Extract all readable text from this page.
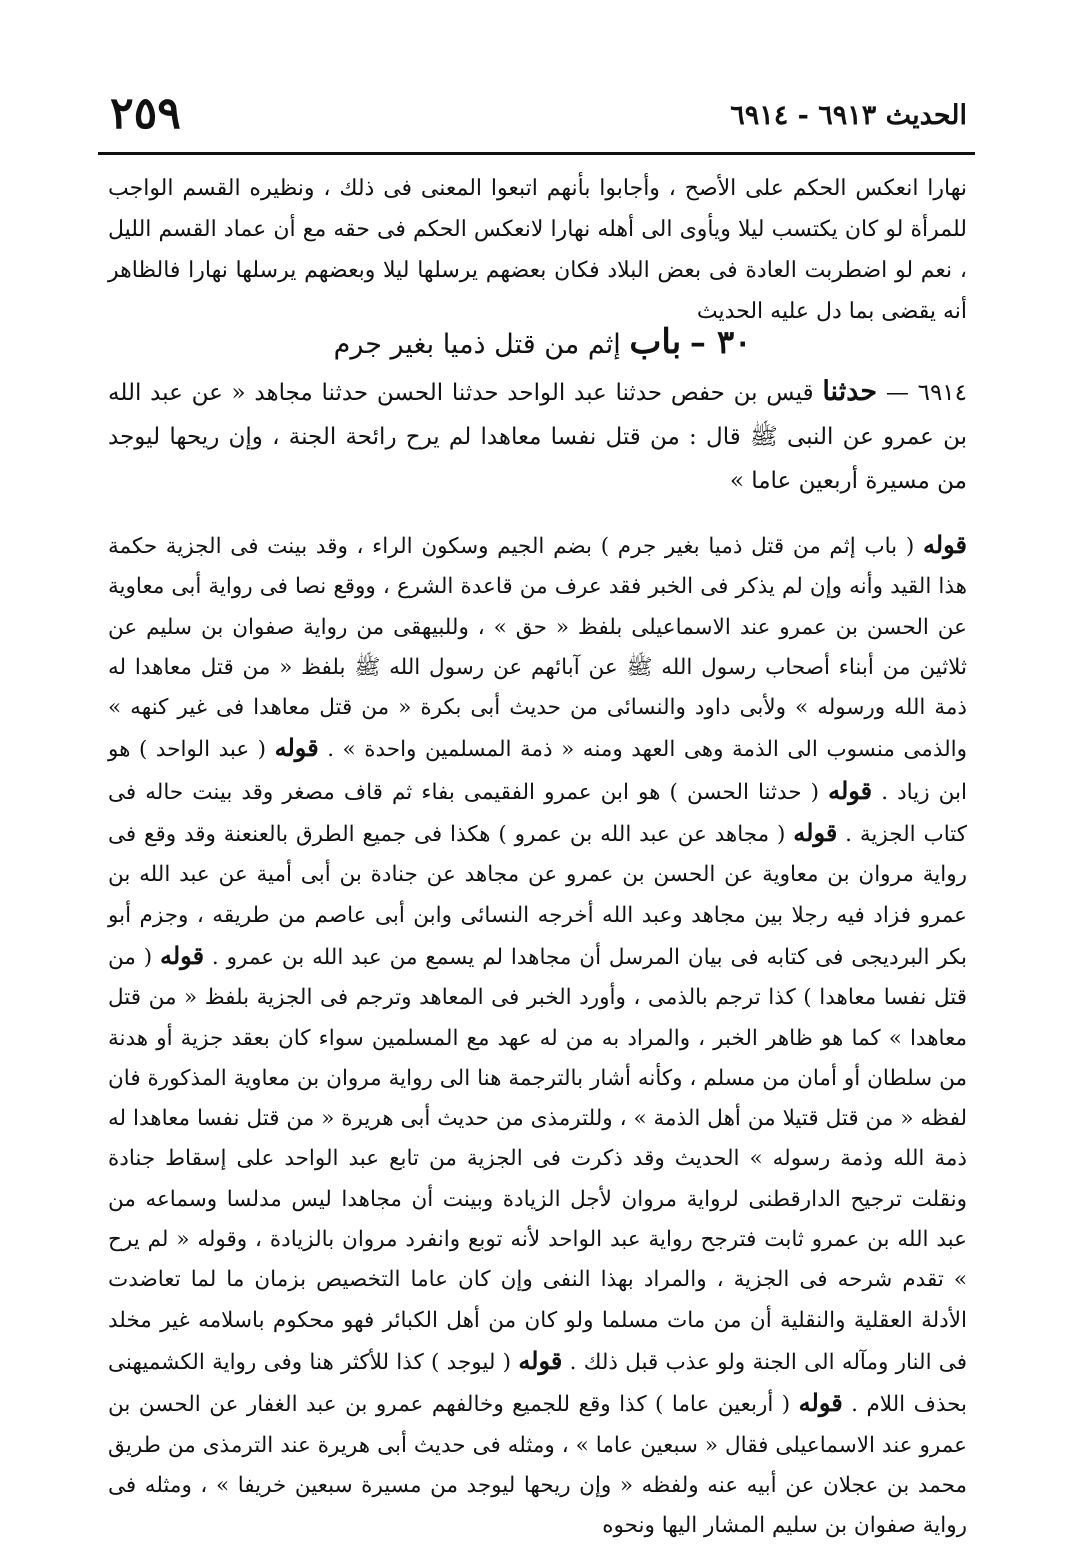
الحديث ٦٩١٣ - ٦٩١٤
٢٥٩

نهارا انعكس الحكم على الأصح ، وأجابوا بأنهم اتبعوا المعنى فى ذلك ، ونظيره القسم الواجب للمرأة لو كان يكتسب ليلا ويأوى الى أهله نهارا لانعكس الحكم فى حقه مع أن عماد القسم الليل ، نعم لو اضطربت العادة فى بعض البلاد فكان بعضهم يرسلها ليلا وبعضهم يرسلها نهارا فالظاهر أنه يقضى بما دل عليه الحديث

٣٠ – باب إثم من قتل ذميا بغير جرم

٦٩١٤ — حدثنا قيس بن حفص حدثنا عبد الواحد حدثنا الحسن حدثنا مجاهد « عن عبد الله بن عمرو عن النبى ﷺ قال : من قتل نفسا معاهدا لم يرح رائحة الجنة ، وإن ريحها ليوجد من مسيرة أربعين عاما »

قوله ( باب إثم من قتل ذميا بغير جرم ) بضم الجيم وسكون الراء ، وقد بينت فى الجزية حكمة هذا القيد وأنه وإن لم يذكر فى الخبر فقد عرف من قاعدة الشرع ، ووقع نصا فى رواية أبى معاوية عن الحسن بن عمرو عند الاسماعيلى بلفظ « حق » ، وللبيهقى من رواية صفوان بن سليم عن ثلاثين من أبناء أصحاب رسول الله ﷺ عن آبائهم عن رسول الله ﷺ بلفظ « من قتل معاهدا له ذمة الله ورسوله » ولأبى داود والنسائى من حديث أبى بكرة « من قتل معاهدا فى غير كنهه » والذمى منسوب الى الذمة وهى العهد ومنه « ذمة المسلمين واحدة » . قوله ( عبد الواحد ) هو ابن زياد . قوله ( حدثنا الحسن ) هو ابن عمرو الفقيمى بفاء ثم قاف مصغر وقد بينت حاله فى كتاب الجزية . قوله ( مجاهد عن عبد الله بن عمرو ) هكذا فى جميع الطرق بالعنعنة وقد وقع فى رواية مروان بن معاوية عن الحسن بن عمرو عن مجاهد عن جنادة بن أبى أمية عن عبد الله بن عمرو فزاد فيه رجلا بين مجاهد وعبد الله أخرجه النسائى وابن أبى عاصم من طريقه ، وجزم أبو بكر البرديجى فى كتابه فى بيان المرسل أن مجاهدا لم يسمع من عبد الله بن عمرو . قوله ( من قتل نفسا معاهدا ) كذا ترجم بالذمى ، وأورد الخبر فى المعاهد وترجم فى الجزية بلفظ « من قتل معاهدا » كما هو ظاهر الخبر ، والمراد به من له عهد مع المسلمين سواء كان بعقد جزية أو هدنة من سلطان أو أمان من مسلم ، وكأنه أشار بالترجمة هنا الى رواية مروان بن معاوية المذكورة فان لفظه « من قتل قتيلا من أهل الذمة » ، وللترمذى من حديث أبى هريرة « من قتل نفسا معاهدا له ذمة الله وذمة رسوله » الحديث وقد ذكرت فى الجزية من تابع عبد الواحد على إسقاط جنادة ونقلت ترجيح الدارقطنى لرواية مروان لأجل الزيادة وبينت أن مجاهدا ليس مدلسا وسماعه من عبد الله بن عمرو ثابت فترجح رواية عبد الواحد لأنه توبع وانفرد مروان بالزيادة ، وقوله « لم يرح » تقدم شرحه فى الجزية ، والمراد بهذا النفى وإن كان عاما التخصيص بزمان ما لما تعاضدت الأدلة العقلية والنقلية أن من مات مسلما ولو كان من أهل الكبائر فهو محكوم باسلامه غير مخلد فى النار ومآله الى الجنة ولو عذب قبل ذلك . قوله ( ليوجد ) كذا للأكثر هنا وفى رواية الكشميهنى بحذف اللام . قوله ( أربعين عاما ) كذا وقع للجميع وخالفهم عمرو بن عبد الغفار عن الحسن بن عمرو عند الاسماعيلى فقال « سبعين عاما » ، ومثله فى حديث أبى هريرة عند الترمذى من طريق محمد بن عجلان عن أبيه عنه ولفظه « وإن ريحها ليوجد من مسيرة سبعين خريفا » ، ومثله فى رواية صفوان بن سليم المشار اليها ونحوه
